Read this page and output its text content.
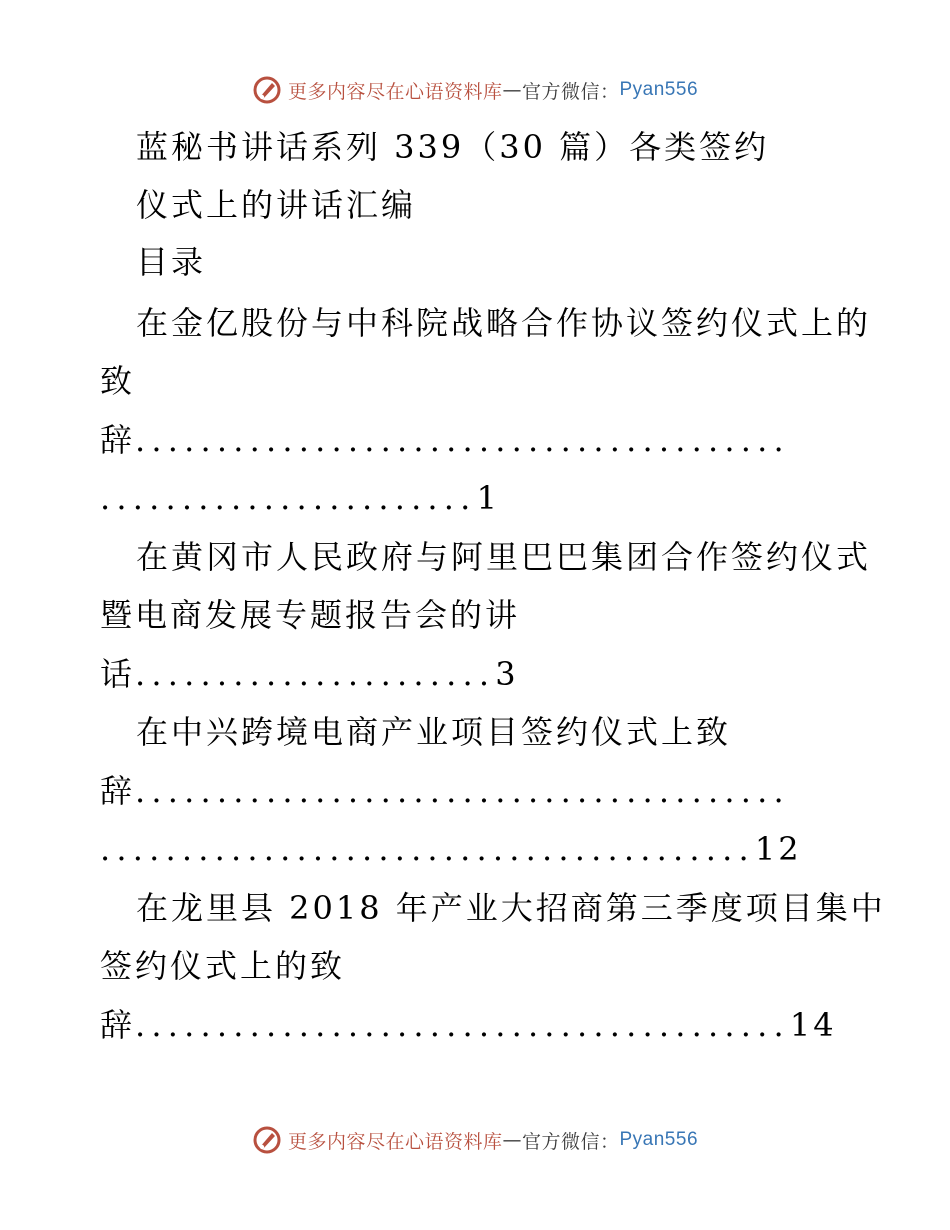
更多内容尽在心语资料库 — 官方微信： Pyan556
蓝秘书讲话系列 339（30 篇）各类签约
仪式上的讲话汇编
目录
在金亿股份与中科院战略合作协议签约仪式上的
致
辞........................................
.......................1
在黄冈市人民政府与阿里巴巴集团合作签约仪式
暨电商发展专题报告会的讲
话......................3
在中兴跨境电商产业项目签约仪式上致
辞........................................
........................................12
在龙里县 2018 年产业大招商第三季度项目集中
签约仪式上的致
辞........................................14
更多内容尽在心语资料库 — 官方微信： Pyan556
